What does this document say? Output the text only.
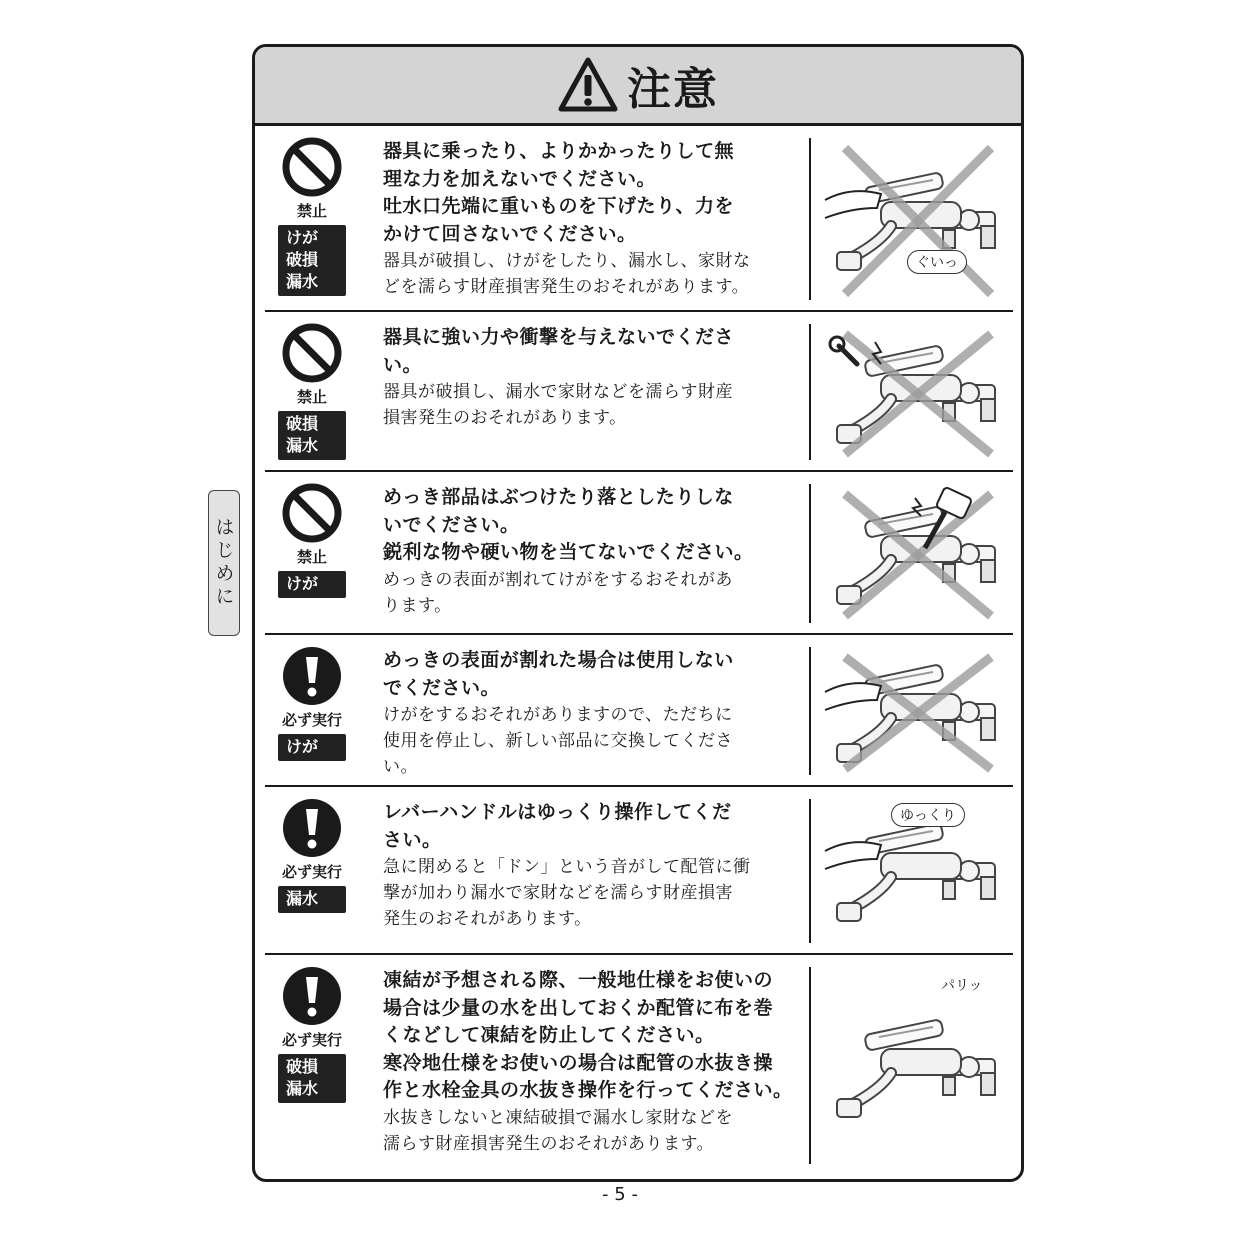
注意
禁止
けが
破損
漏水
器具に乗ったり、よりかかったりして無
理な力を加えないでください。
吐水口先端に重いものを下げたり、力を
かけて回さないでください。
器具が破損し、けがをしたり、漏水し、家財な
どを濡らす財産損害発生のおそれがあります。
ぐいっ
禁止
破損
漏水
器具に強い力や衝撃を与えないでくださ
い。
器具が破損し、漏水で家財などを濡らす財産
損害発生のおそれがあります。
禁止
けが
めっき部品はぶつけたり落としたりしな
いでください。
鋭利な物や硬い物を当てないでください。
めっきの表面が割れてけがをするおそれがあ
ります。
必ず実行
けが
めっきの表面が割れた場合は使用しない
でください。
けがをするおそれがありますので、ただちに
使用を停止し、新しい部品に交換してくださ
い。
必ず実行
漏水
レバーハンドルはゆっくり操作してくだ
さい。
急に閉めると「ドン」という音がして配管に衝
撃が加わり漏水で家財などを濡らす財産損害
発生のおそれがあります。
ゆっくり
必ず実行
破損
漏水
凍結が予想される際、一般地仕様をお使いの
場合は少量の水を出しておくか配管に布を巻
くなどして凍結を防止してください。
寒冷地仕様をお使いの場合は配管の水抜き操
作と水栓金具の水抜き操作を行ってください。
水抜きしないと凍結破損で漏水し家財などを
濡らす財産損害発生のおそれがあります。
パリッ
はじめに
- 5 -
